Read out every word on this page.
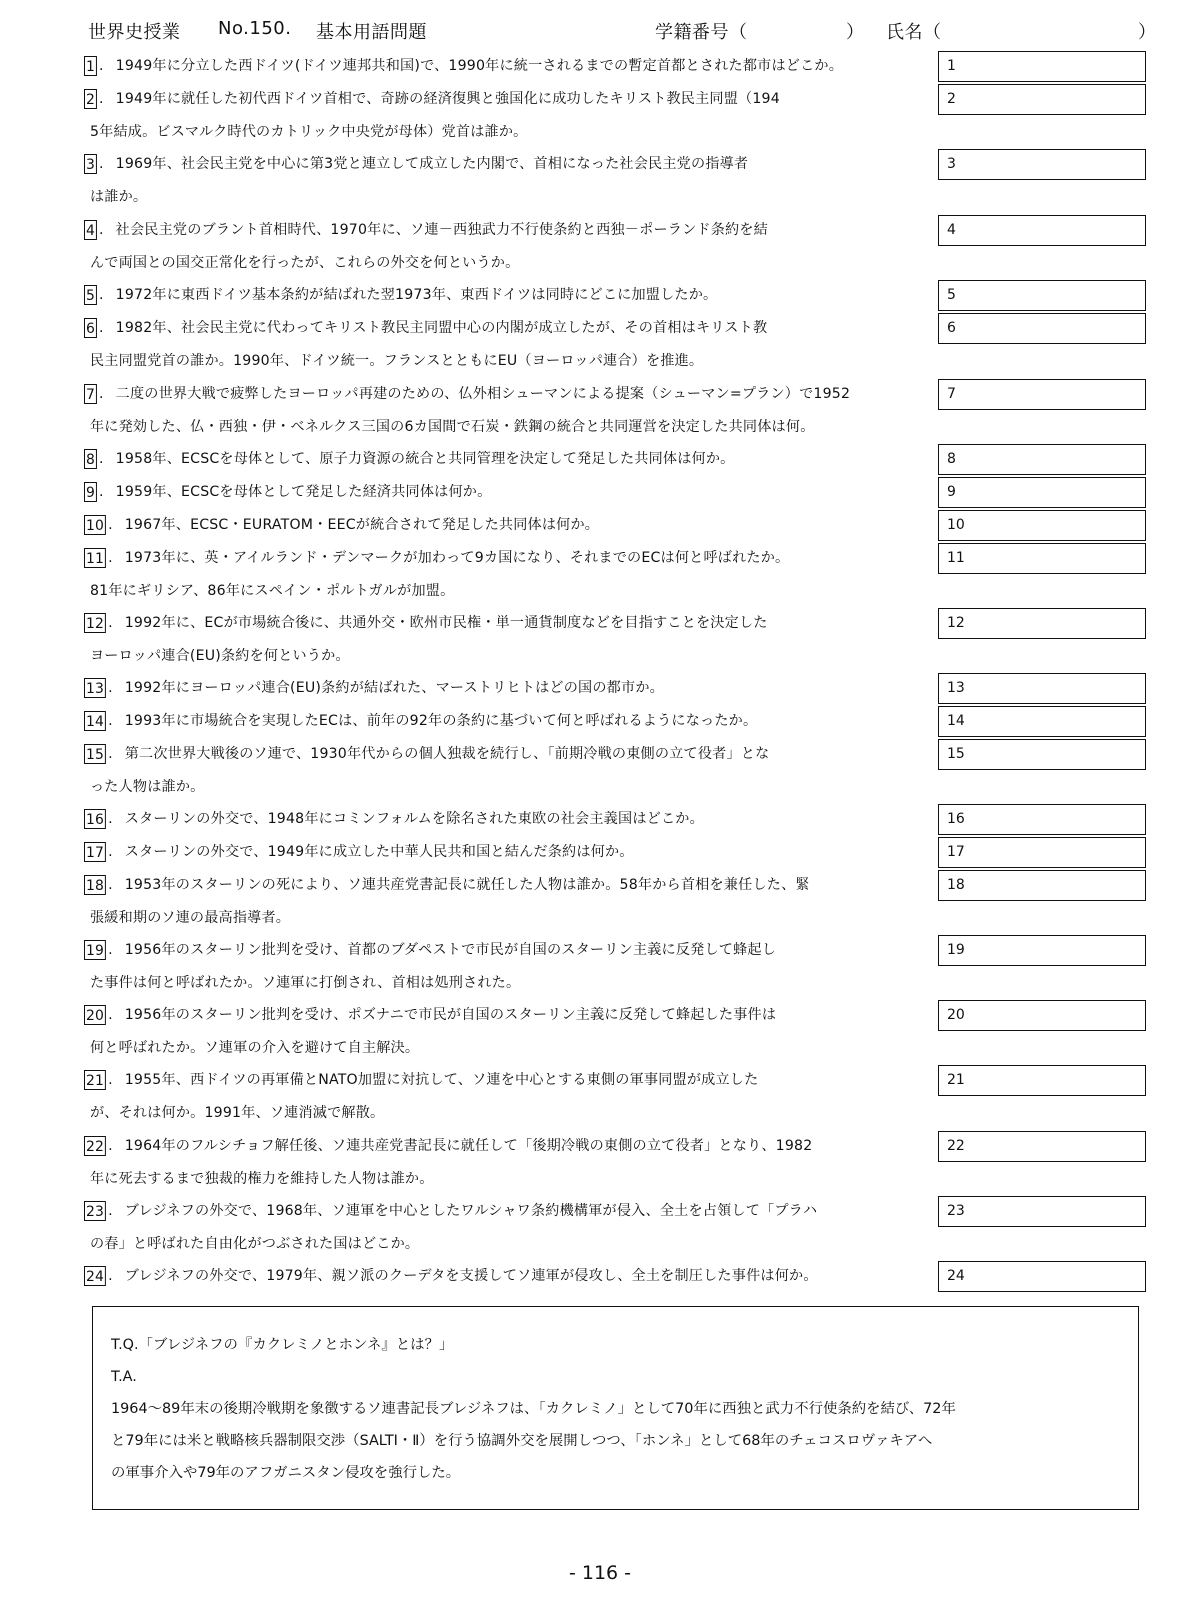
世界史授業 No.150. 基本用語問題	学籍番号（	） 氏名（	）
1 . 1949年に分立した西ドイツ(ドイツ連邦共和国)で、1990年に統一されるまでの暫定首都とされた都市はどこか。	1
2 . 1949年に就任した初代西ドイツ首相で、奇跡の経済復興と強国化に成功したキリスト教民主同盟（194
5年結成。ビスマルク時代のカトリック中央党が母体）党首は誰か。
2
3 . 1969年、社会民主党を中心に第3党と連立して成立した内閣で、首相になった社会民主党の指導者
は誰か。
3
4 . 社会民主党のブラント首相時代、1970年に、ソ連－西独武力不行使条約と西独－ポーランド条約を結
んで両国との国交正常化を行ったが、これらの外交を何というか。
4
5 . 1972年に東西ドイツ基本条約が結ばれた翌1973年、東西ドイツは同時にどこに加盟したか。	5
6 . 1982年、社会民主党に代わってキリスト教民主同盟中心の内閣が成立したが、その首相はキリスト教
民主同盟党首の誰か。1990年、ドイツ統一。フランスとともにEU（ヨーロッパ連合）を推進。
6
7 . 二度の世界大戦で疲弊したヨーロッパ再建のための、仏外相シューマンによる提案（シューマン=プラン）で1952
年に発効した、仏・西独・伊・ベネルクス三国の6カ国間で石炭・鉄鋼の統合と共同運営を決定した共同体は何。
7
8 . 1958年、ECSCを母体として、原子力資源の統合と共同管理を決定して発足した共同体は何か。	8
9 . 1959年、ECSCを母体として発足した経済共同体は何か。	9
10 . 1967年、ECSC・EURATOM・EECが統合されて発足した共同体は何か。	10
11 . 1973年に、英・アイルランド・デンマークが加わって9カ国になり、それまでのECは何と呼ばれたか。
81年にギリシア、86年にスペイン・ポルトガルが加盟。
11
12 . 1992年に、ECが市場統合後に、共通外交・欧州市民権・単一通貨制度などを目指すことを決定した
ヨーロッパ連合(EU)条約を何というか。
12
13 . 1992年にヨーロッパ連合(EU)条約が結ばれた、マーストリヒトはどの国の都市か。	13
14 . 1993年に市場統合を実現したECは、前年の92年の条約に基づいて何と呼ばれるようになったか。	14
15 . 第二次世界大戦後のソ連で、1930年代からの個人独裁を続行し、「前期冷戦の東側の立て役者」とな
った人物は誰か。
15
16 . スターリンの外交で、1948年にコミンフォルムを除名された東欧の社会主義国はどこか。	16
17 . スターリンの外交で、1949年に成立した中華人民共和国と結んだ条約は何か。	17
18 . 1953年のスターリンの死により、ソ連共産党書記長に就任した人物は誰か。58年から首相を兼任した、緊
張緩和期のソ連の最高指導者。
18
19 . 1956年のスターリン批判を受け、首都のブダペストで市民が自国のスターリン主義に反発して蜂起し
た事件は何と呼ばれたか。ソ連軍に打倒され、首相は処刑された。
19
20 . 1956年のスターリン批判を受け、ポズナニで市民が自国のスターリン主義に反発して蜂起した事件は
何と呼ばれたか。ソ連軍の介入を避けて自主解決。
20
21 . 1955年、西ドイツの再軍備とNATO加盟に対抗して、ソ連を中心とする東側の軍事同盟が成立した
が、それは何か。1991年、ソ連消滅で解散。
21
22 . 1964年のフルシチョフ解任後、ソ連共産党書記長に就任して「後期冷戦の東側の立て役者」となり、1982
年に死去するまで独裁的権力を維持した人物は誰か。
22
23 . ブレジネフの外交で、1968年、ソ連軍を中心としたワルシャワ条約機構軍が侵入、全土を占領して「プラハ
の春」と呼ばれた自由化がつぶされた国はどこか。
23
24 . ブレジネフの外交で、1979年、親ソ派のクーデタを支援してソ連軍が侵攻し、全土を制圧した事件は何か。	24
T.Q.「ブレジネフの『カクレミノとホンネ』とは？」
T.A.
1964～89年末の後期冷戦期を象徴するソ連書記長ブレジネフは、「カクレミノ」として70年に西独と武力不行使条約を結び、72年
と79年には米と戦略核兵器制限交渉（SALTⅠ・Ⅱ）を行う協調外交を展開しつつ、「ホンネ」として68年のチェコスロヴァキアへ
の軍事介入や79年のアフガニスタン侵攻を強行した。
- 116 -
